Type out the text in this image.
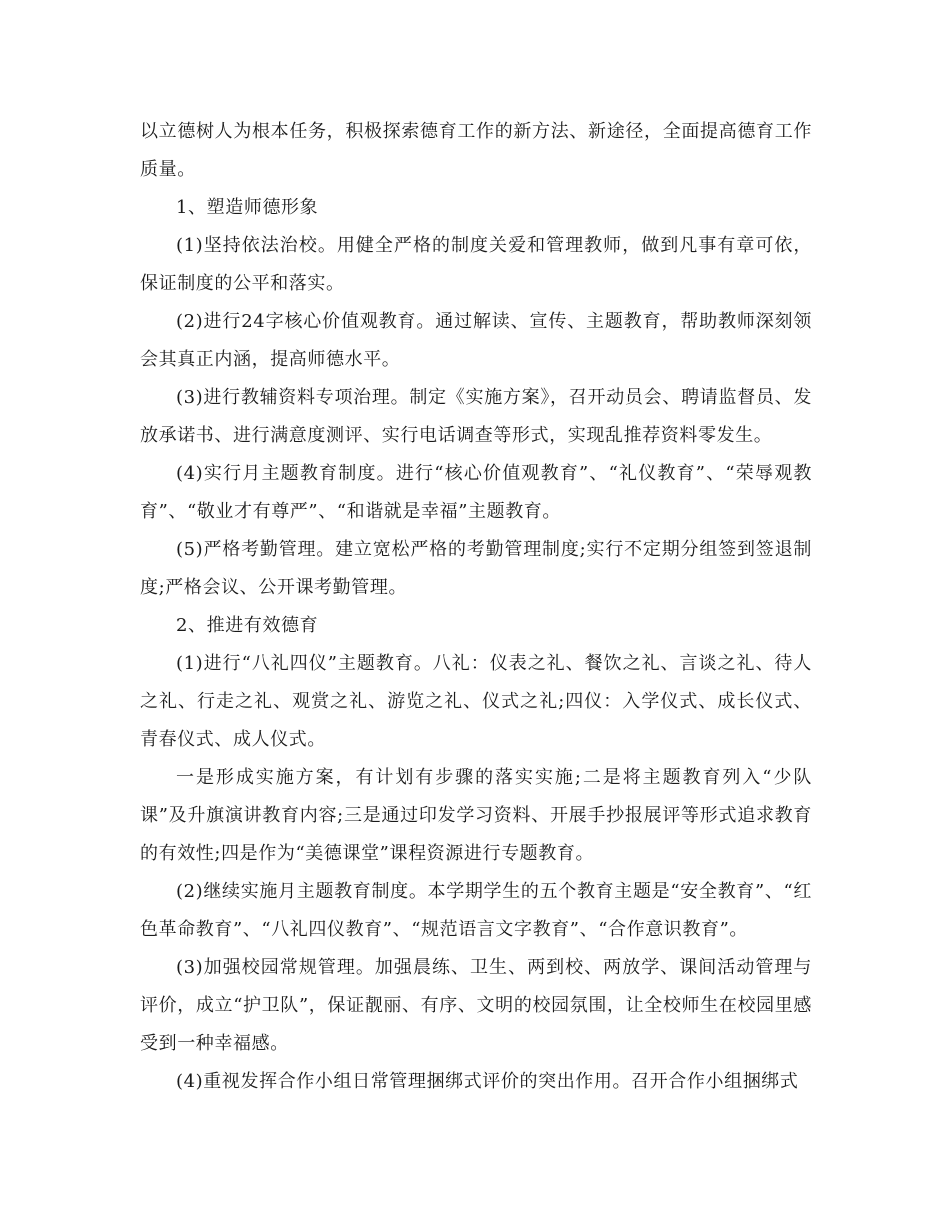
以立德树人为根本任务，积极探索德育工作的新方法、新途径，全面提高德育工作质量。

1、塑造师德形象

(1)坚持依法治校。用健全严格的制度关爱和管理教师，做到凡事有章可依，保证制度的公平和落实。

(2)进行24字核心价值观教育。通过解读、宣传、主题教育，帮助教师深刻领会其真正内涵，提高师德水平。

(3)进行教辅资料专项治理。制定《实施方案》，召开动员会、聘请监督员、发放承诺书、进行满意度测评、实行电话调查等形式，实现乱推荐资料零发生。

(4)实行月主题教育制度。进行“核心价值观教育”、“礼仪教育”、“荣辱观教育”、“敬业才有尊严”、“和谐就是幸福”主题教育。

(5)严格考勤管理。建立宽松严格的考勤管理制度;实行不定期分组签到签退制度;严格会议、公开课考勤管理。

2、推进有效德育

(1)进行“八礼四仪”主题教育。八礼：仪表之礼、餐饮之礼、言谈之礼、待人之礼、行走之礼、观赏之礼、游览之礼、仪式之礼;四仪：入学仪式、成长仪式、青春仪式、成人仪式。

一是形成实施方案，有计划有步骤的落实实施;二是将主题教育列入“少队课”及升旗演讲教育内容;三是通过印发学习资料、开展手抄报展评等形式追求教育的有效性;四是作为“美德课堂”课程资源进行专题教育。

(2)继续实施月主题教育制度。本学期学生的五个教育主题是“安全教育”、“红色革命教育”、“八礼四仪教育”、“规范语言文字教育”、“合作意识教育”。

(3)加强校园常规管理。加强晨练、卫生、两到校、两放学、课间活动管理与评价，成立“护卫队”，保证靓丽、有序、文明的校园氛围，让全校师生在校园里感受到一种幸福感。

(4)重视发挥合作小组日常管理捆绑式评价的突出作用。召开合作小组捆绑式
